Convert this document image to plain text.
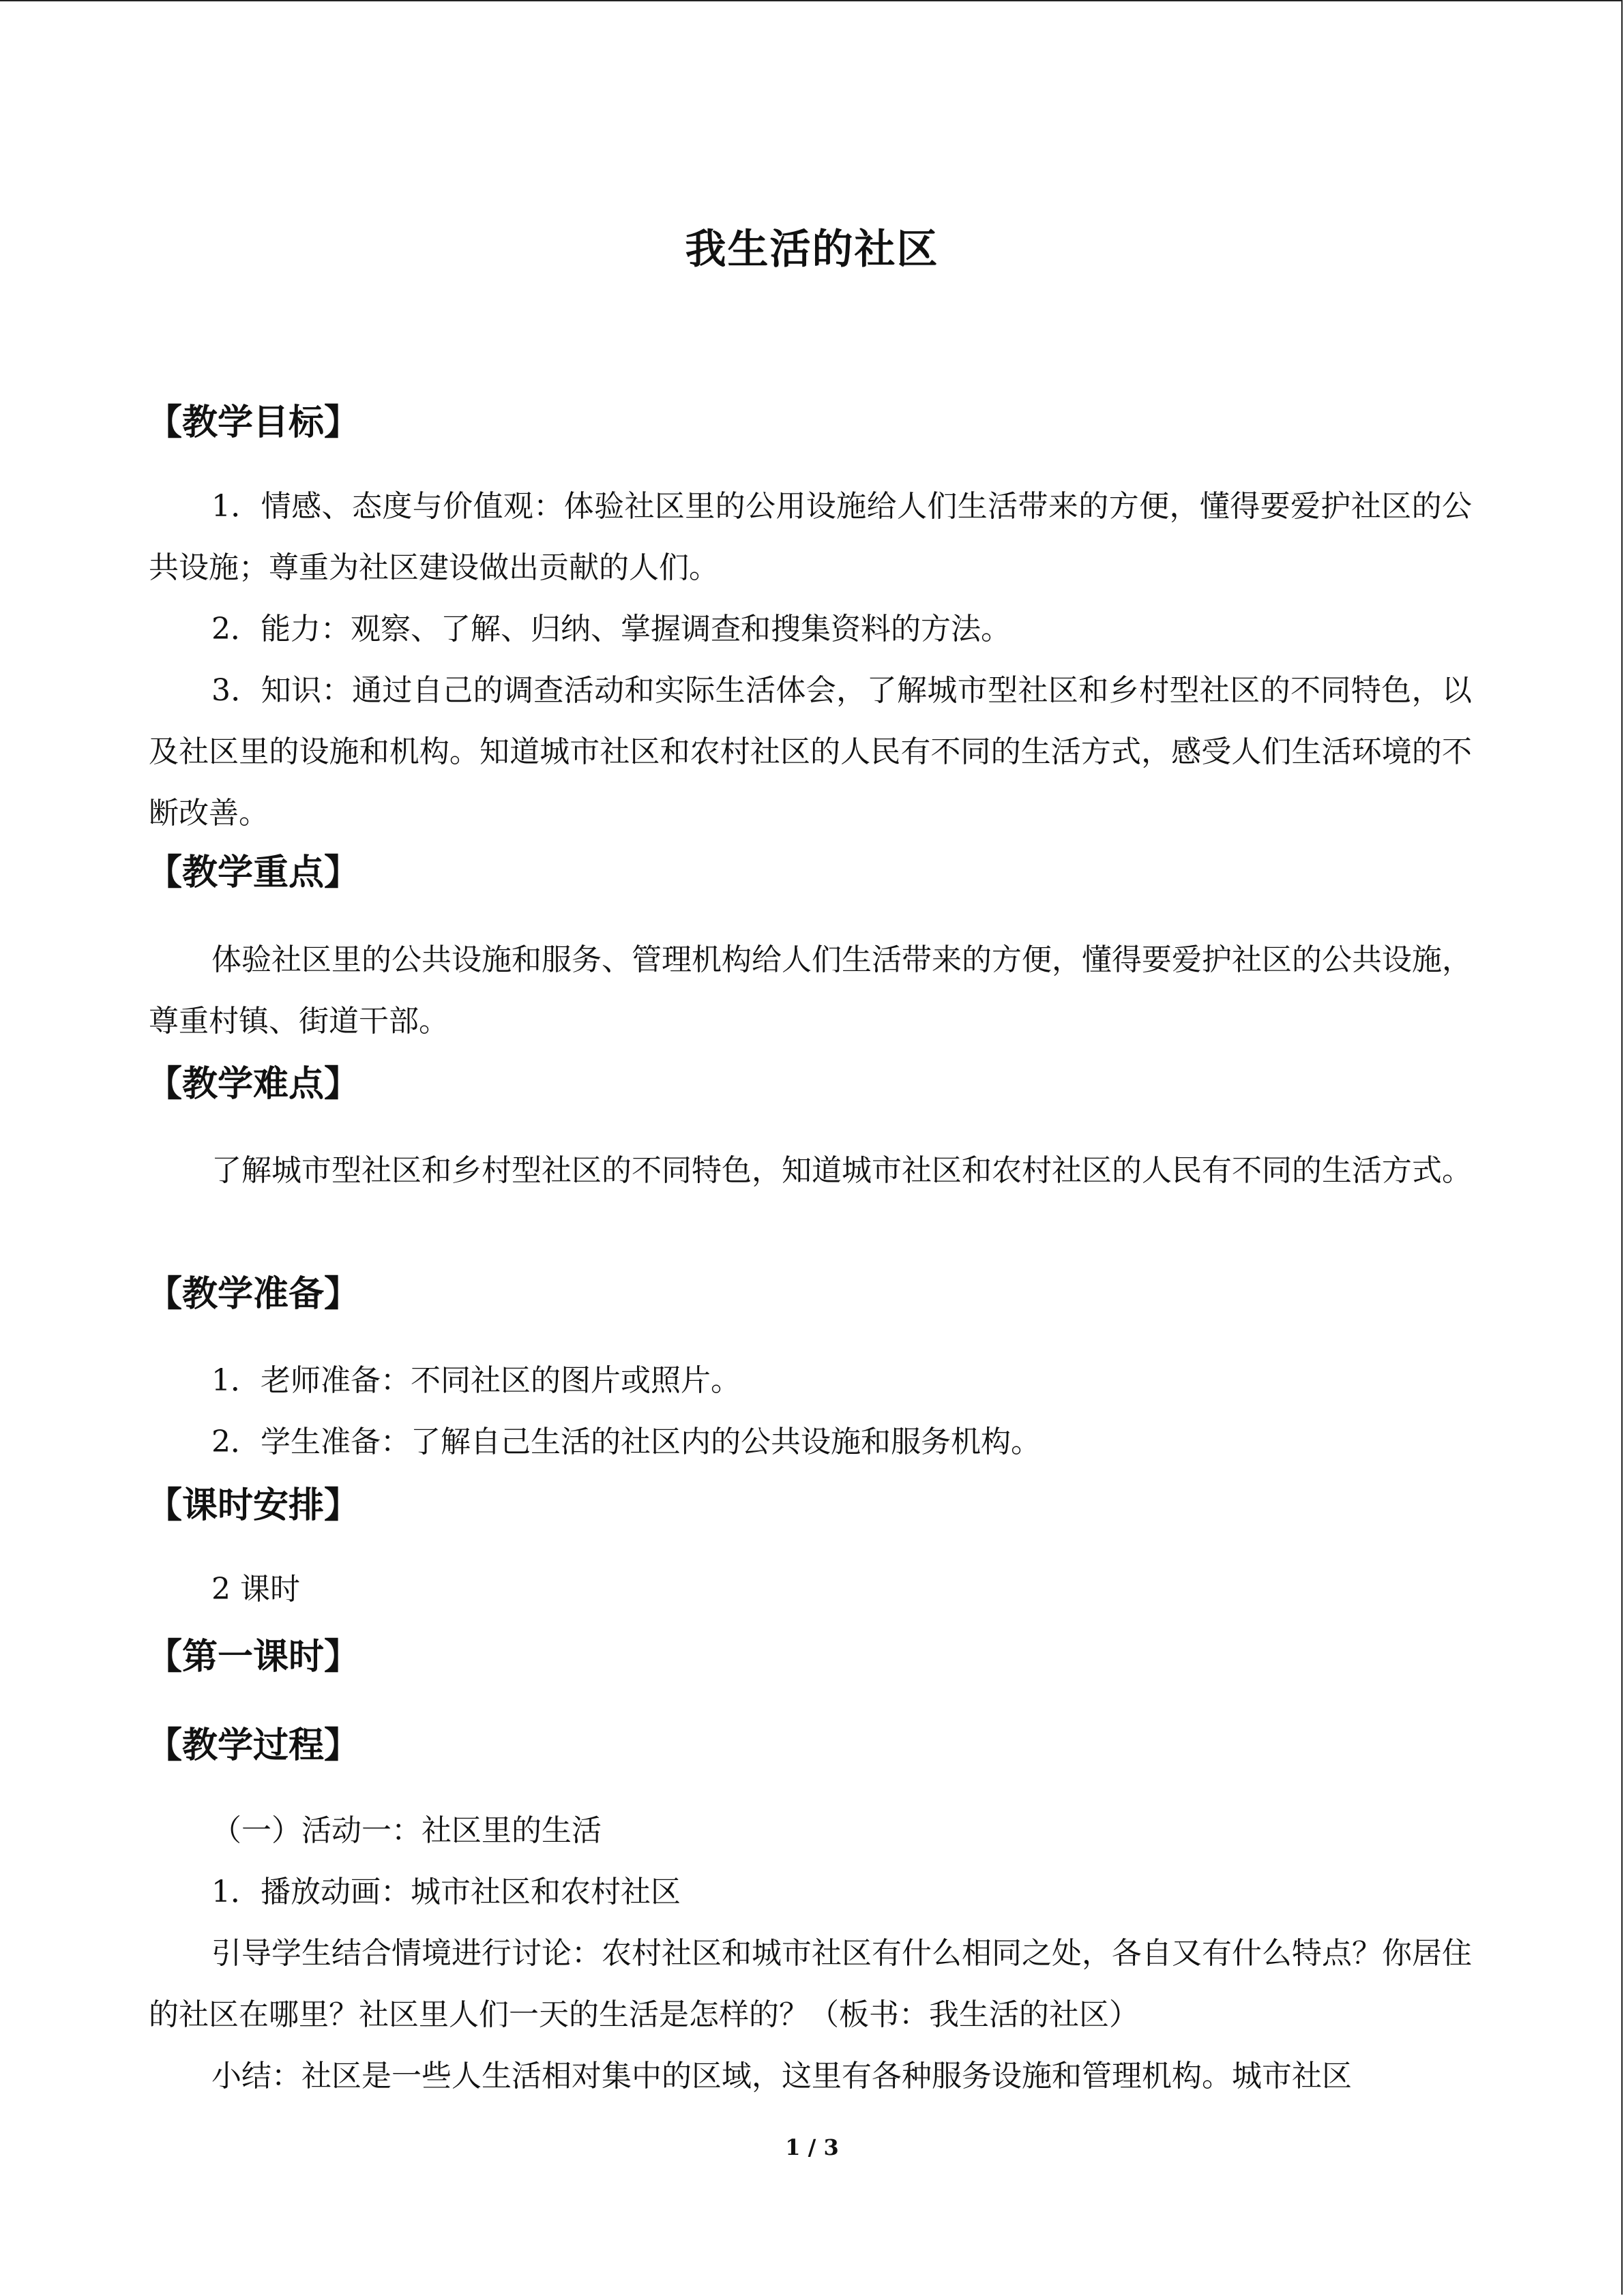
我生活的社区
【教学目标】
1．情感、态度与价值观：体验社区里的公用设施给人们生活带来的方便，懂得要爱护社区的公共设施；尊重为社区建设做出贡献的人们。
2．能力：观察、了解、归纳、掌握调查和搜集资料的方法。
3．知识：通过自己的调查活动和实际生活体会，了解城市型社区和乡村型社区的不同特色，以及社区里的设施和机构。知道城市社区和农村社区的人民有不同的生活方式，感受人们生活环境的不断改善。
【教学重点】
体验社区里的公共设施和服务、管理机构给人们生活带来的方便，懂得要爱护社区的公共设施，尊重村镇、街道干部。
【教学难点】
了解城市型社区和乡村型社区的不同特色，知道城市社区和农村社区的人民有不同的生活方式。
【教学准备】
1．老师准备：不同社区的图片或照片。
2．学生准备：了解自己生活的社区内的公共设施和服务机构。
【课时安排】
2 课时
【第一课时】
【教学过程】
（一）活动一：社区里的生活
1．播放动画：城市社区和农村社区
引导学生结合情境进行讨论：农村社区和城市社区有什么相同之处，各自又有什么特点？你居住的社区在哪里？社区里人们一天的生活是怎样的？（板书：我生活的社区）
小结：社区是一些人生活相对集中的区域，这里有各种服务设施和管理机构。城市社区
1 / 3
